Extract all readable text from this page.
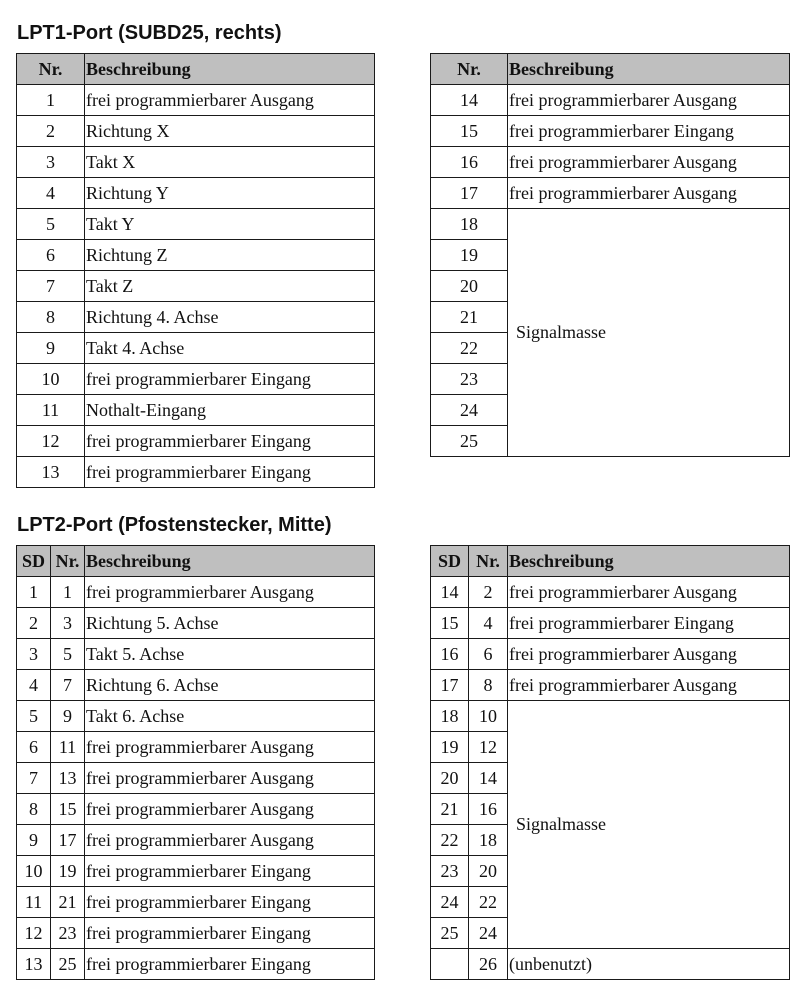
LPT1-Port (SUBD25, rechts)
Nr.	Beschreibung
1	frei programmierbarer Ausgang
2	Richtung X
3	Takt X
4	Richtung Y
5	Takt Y
6	Richtung Z
7	Takt Z
8	Richtung 4. Achse
9	Takt 4. Achse
10	frei programmierbarer Eingang
11	Nothalt-Eingang
12	frei programmierbarer Eingang
13	frei programmierbarer Eingang
Nr.	Beschreibung
14	frei programmierbarer Ausgang
15	frei programmierbarer Eingang
16	frei programmierbarer Ausgang
17	frei programmierbarer Ausgang
18	Signalmasse
19	
20	
21	
22	
23	
24	
25	
LPT2-Port (Pfostenstecker, Mitte)
SD	Nr.	Beschreibung
1	1	frei programmierbarer Ausgang
2	3	Richtung 5. Achse
3	5	Takt 5. Achse
4	7	Richtung 6. Achse
5	9	Takt 6. Achse
6	11	frei programmierbarer Ausgang
7	13	frei programmierbarer Ausgang
8	15	frei programmierbarer Ausgang
9	17	frei programmierbarer Ausgang
10	19	frei programmierbarer Eingang
11	21	frei programmierbarer Eingang
12	23	frei programmierbarer Eingang
13	25	frei programmierbarer Eingang
SD	Nr.	Beschreibung
14	2	frei programmierbarer Ausgang
15	4	frei programmierbarer Eingang
16	6	frei programmierbarer Ausgang
17	8	frei programmierbarer Ausgang
18	10	Signalmasse
19	12	
20	14	
21	16	
22	18	
23	20	
24	22	
25	24	
	26	(unbenutzt)
